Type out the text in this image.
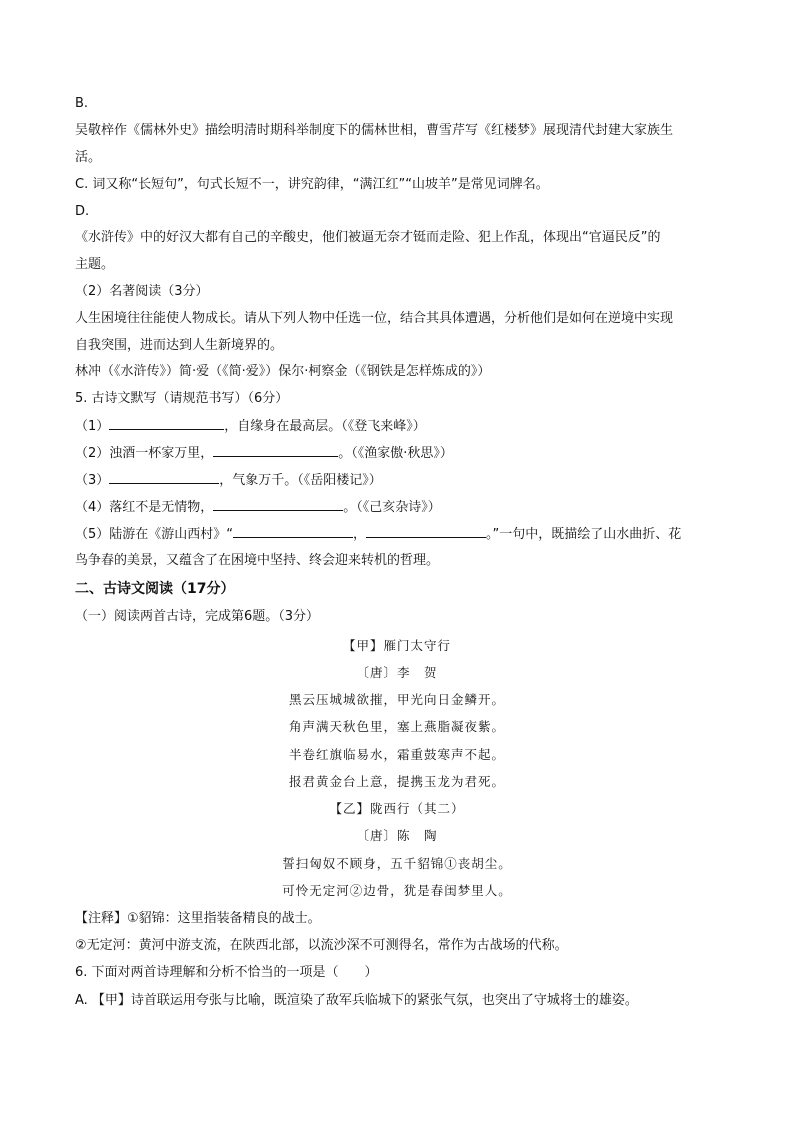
B.
吴敬梓作《儒林外史》描绘明清时期科举制度下的儒林世相，曹雪芹写《红楼梦》展现清代封建大家族生
活。
C. 词又称“长短句”，句式长短不一，讲究韵律，“满江红”“山坡羊”是常见词牌名。
D.
《水浒传》中的好汉大都有自己的辛酸史，他们被逼无奈才铤而走险、犯上作乱，体现出“官逼民反”的
主题。
（2）名著阅读（3分）
人生困境往往能使人物成长。请从下列人物中任选一位，结合其具体遭遇，分析他们是如何在逆境中实现
自我突围，进而达到人生新境界的。
林冲（《水浒传》）简·爱（《简·爱》）保尔·柯察金（《钢铁是怎样炼成的》）
5. 古诗文默写（请规范书写）（6分）
（1）	，自缘身在最高层。（《登飞来峰》）
（2）浊酒一杯家万里，	。（《渔家傲·秋思》）
（3）	，气象万千。（《岳阳楼记》）
（4）落红不是无情物，	。（《己亥杂诗》）
（5）陆游在《游山西村》“	，	。”一句中，既描绘了山水曲折、花
鸟争春的美景，又蕴含了在困境中坚持、终会迎来转机的哲理。
二、古诗文阅读（17分）
（一）阅读两首古诗，完成第6题。（3分）
【甲】雁门太守行
〔唐〕李　贺
黑云压城城欲摧，甲光向日金鳞开。
角声满天秋色里，塞上燕脂凝夜紫。
半卷红旗临易水，霜重鼓寒声不起。
报君黄金台上意，提携玉龙为君死。
【乙】陇西行（其二）
〔唐〕陈　陶
誓扫匈奴不顾身，五千貂锦①丧胡尘。
可怜无定河②边骨，犹是春闺梦里人。
【注释】①貂锦：这里指装备精良的战士。
②无定河：黄河中游支流，在陕西北部，以流沙深不可测得名，常作为古战场的代称。
6. 下面对两首诗理解和分析不恰当的一项是（　　）
A. 【甲】诗首联运用夸张与比喻，既渲染了敌军兵临城下的紧张气氛，也突出了守城将士的雄姿。
